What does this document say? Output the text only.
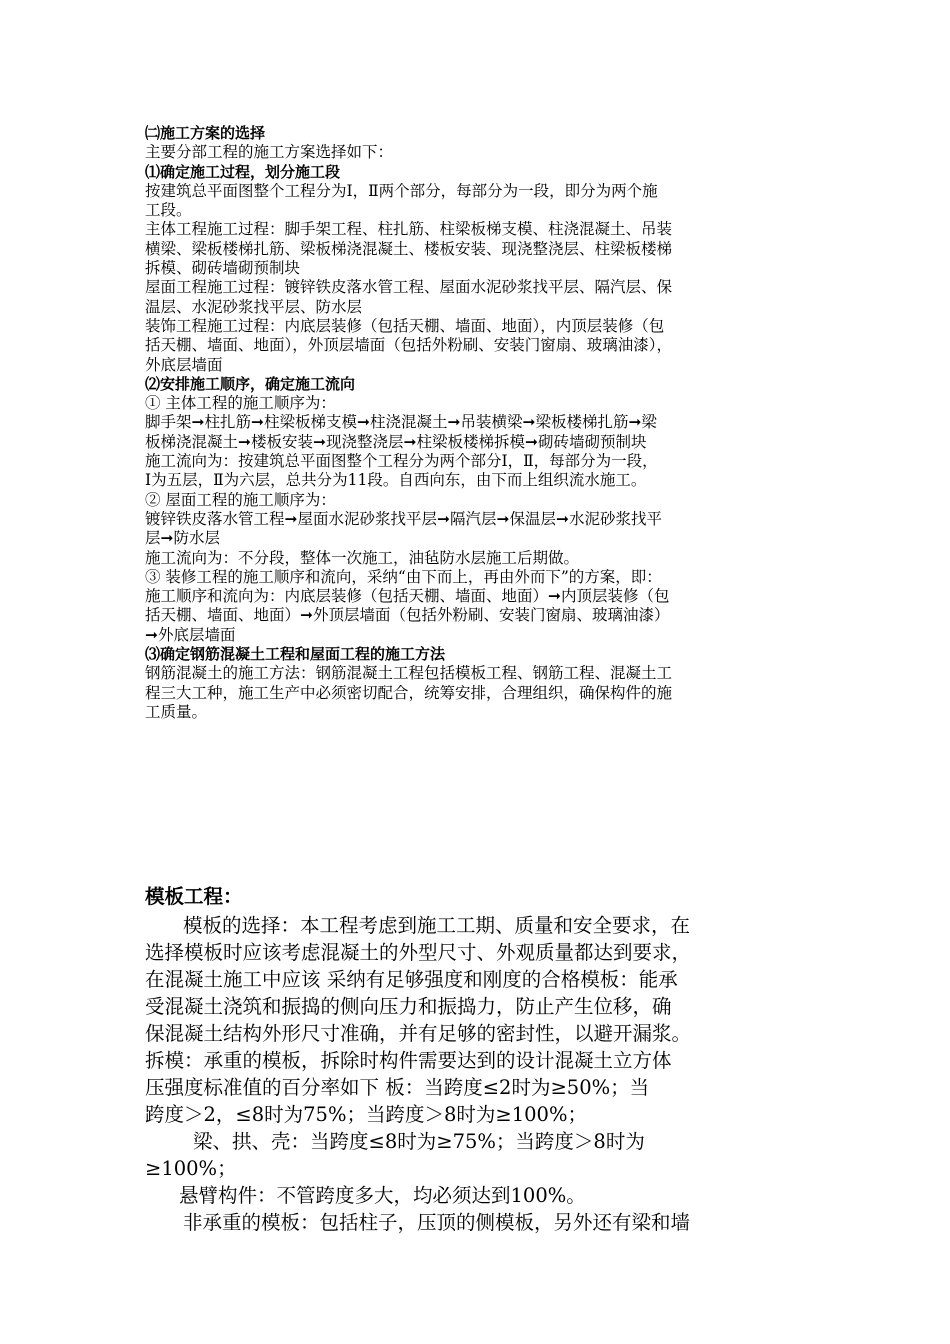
㈡施工方案的选择

主要分部工程的施工方案选择如下：

⑴确定施工过程，划分施工段

按建筑总平面图整个工程分为Ⅰ，Ⅱ两个部分，每部分为一段，即分为两个施

工段。

主体工程施工过程：脚手架工程、柱扎筋、柱梁板梯支模、柱浇混凝土、吊装

横梁、梁板楼梯扎筋、梁板梯浇混凝土、楼板安装、现浇整浇层、柱梁板楼梯

拆模、砌砖墙砌预制块

屋面工程施工过程：镀锌铁皮落水管工程、屋面水泥砂浆找平层、隔汽层、保

温层、水泥砂浆找平层、防水层

装饰工程施工过程：内底层装修（包括天棚、墙面、地面），内顶层装修（包

括天棚、墙面、地面），外顶层墙面（包括外粉刷、安装门窗扇、玻璃油漆），

外底层墙面

⑵安排施工顺序，确定施工流向

① 主体工程的施工顺序为：

脚手架➞柱扎筋➞柱梁板梯支模➞柱浇混凝土➞吊装横梁➞梁板楼梯扎筋➞梁

板梯浇混凝土➞楼板安装➞现浇整浇层➞柱梁板楼梯拆模➞砌砖墙砌预制块

施工流向为：按建筑总平面图整个工程分为两个部分Ⅰ，Ⅱ，每部分为一段，

Ⅰ为五层，Ⅱ为六层，总共分为11段。自西向东，由下而上组织流水施工。

② 屋面工程的施工顺序为：

镀锌铁皮落水管工程➞屋面水泥砂浆找平层➞隔汽层➞保温层➞水泥砂浆找平

层➞防水层

施工流向为：不分段，整体一次施工，油毡防水层施工后期做。

③ 装修工程的施工顺序和流向，采纳“由下而上，再由外而下”的方案，即：

施工顺序和流向为：内底层装修（包括天棚、墙面、地面）➞内顶层装修（包

括天棚、墙面、地面）➞外顶层墙面（包括外粉刷、安装门窗扇、玻璃油漆）

➞外底层墙面

⑶确定钢筋混凝土工程和屋面工程的施工方法

钢筋混凝土的施工方法：钢筋混凝土工程包括模板工程、钢筋工程、混凝土工

程三大工种，施工生产中必须密切配合，统筹安排，合理组织，确保构件的施

工质量。

模板工程：

模板的选择：本工程考虑到施工工期、质量和安全要求，在

选择模板时应该考虑混凝土的外型尺寸、外观质量都达到要求，

在混凝土施工中应该 采纳有足够强度和刚度的合格模板：能承

受混凝土浇筑和振捣的侧向压力和振捣力，防止产生位移，确

保混凝土结构外形尺寸准确，并有足够的密封性，以避开漏浆。

拆模：承重的模板，拆除时构件需要达到的设计混凝土立方体

压强度标准值的百分率如下 板：当跨度≤2时为≥50%；当

跨度＞2，≤8时为75%；当跨度＞8时为≥100%；

梁、拱、壳：当跨度≤8时为≥75%；当跨度＞8时为

≥100%；

悬臂构件：不管跨度多大，均必须达到100%。

非承重的模板：包括柱子，压顶的侧模板，另外还有梁和墙
